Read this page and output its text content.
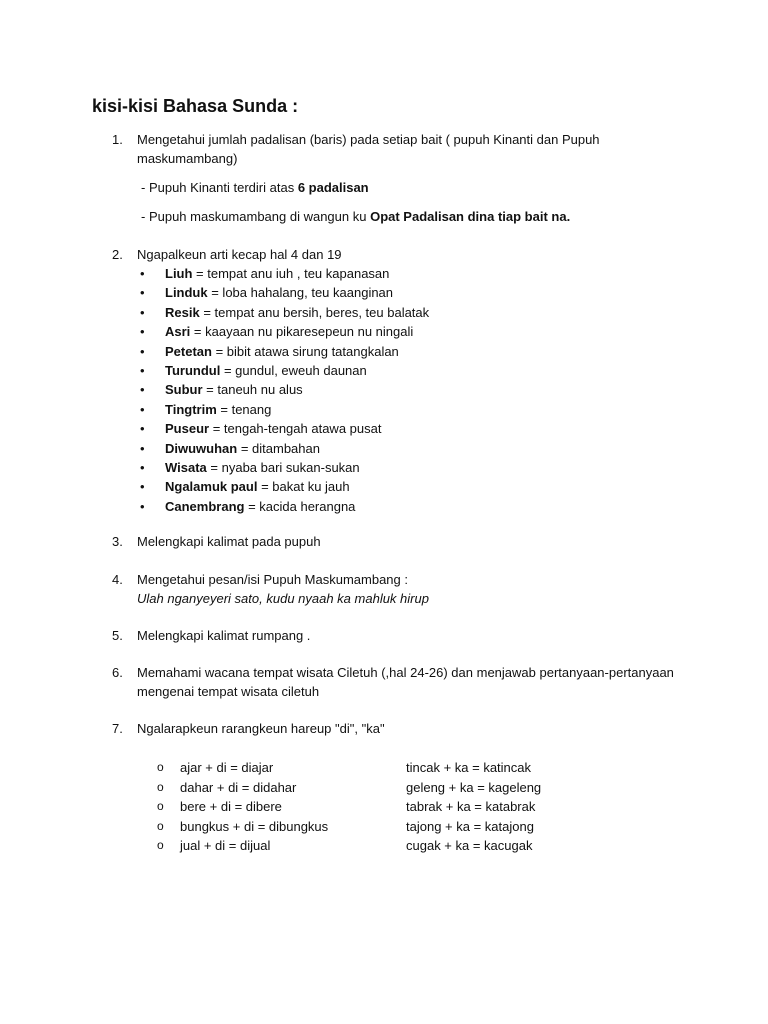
kisi-kisi Bahasa Sunda :
1. Mengetahui jumlah padalisan (baris) pada setiap bait ( pupuh Kinanti dan Pupuh
maskumambang)
- Pupuh Kinanti terdiri atas 6 padalisan
- Pupuh maskumambang di wangun ku Opat Padalisan dina tiap bait na.
2. Ngapalkeun arti kecap hal 4 dan 19
• Liuh = tempat anu iuh , teu kapanasan
• Linduk = loba hahalang, teu kaanginan
• Resik = tempat anu bersih, beres, teu balatak
• Asri = kaayaan nu pikaresepeun nu ningali
• Petetan = bibit atawa sirung tatangkalan
• Turundul = gundul, eweuh daunan
• Subur = taneuh nu alus
• Tingtrim = tenang
• Puseur = tengah-tengah atawa pusat
• Diwuwuhan = ditambahan
• Wisata = nyaba bari sukan-sukan
• Ngalamuk paul = bakat ku jauh
• Canembrang = kacida herangna
3. Melengkapi kalimat pada pupuh
4. Mengetahui pesan/isi Pupuh Maskumambang :
Ulah nganyeyeri sato, kudu nyaah ka mahluk hirup
5. Melengkapi kalimat rumpang .
6. Memahami wacana tempat wisata Ciletuh (,hal 24-26) dan menjawab pertanyaan-pertanyaan
mengenai tempat wisata ciletuh
7. Ngalarapkeun rarangkeun hareup "di", "ka"
o ajar + di = diajar	tincak + ka = katincak
o dahar + di = didahar	geleng + ka = kageleng
o bere + di = dibere	tabrak + ka = katabrak
o bungkus + di = dibungkus	tajong + ka = katajong
o jual + di = dijual	cugak + ka = kacugak
